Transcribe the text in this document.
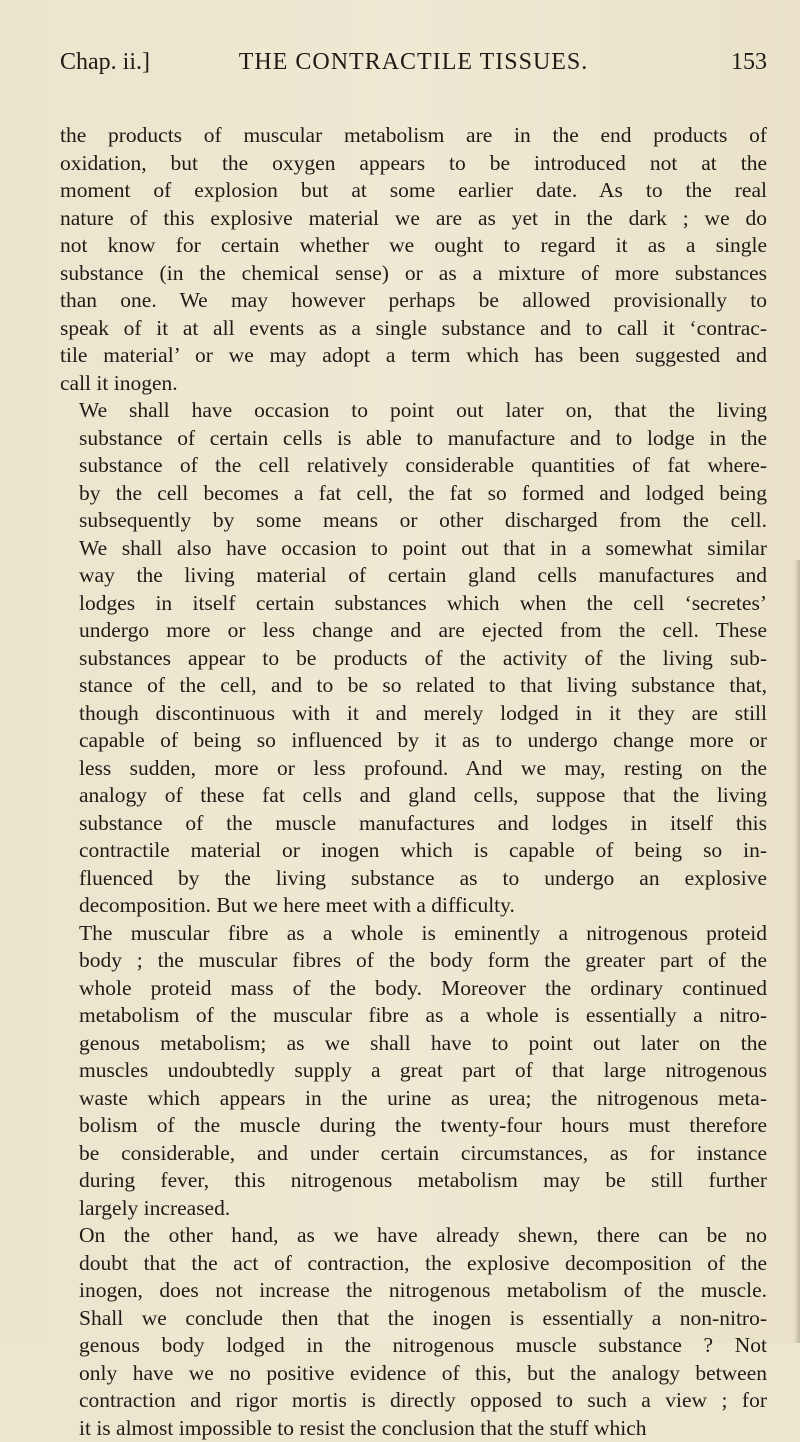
Chap. ii.]	THE CONTRACTILE TISSUES.	153
the products of muscular metabolism are in the end products of
oxidation, but the oxygen appears to be introduced not at the
moment of explosion but at some earlier date. As to the real
nature of this explosive material we are as yet in the dark ; we do
not know for certain whether we ought to regard it as a single
substance (in the chemical sense) or as a mixture of more substances
than one. We may however perhaps be allowed provisionally to
speak of it at all events as a single substance and to call it ‘contrac-
tile material’ or we may adopt a term which has been suggested and
call it inogen.
We shall have occasion to point out later on, that the living
substance of certain cells is able to manufacture and to lodge in the
substance of the cell relatively considerable quantities of fat where-
by the cell becomes a fat cell, the fat so formed and lodged being
subsequently by some means or other discharged from the cell.
We shall also have occasion to point out that in a somewhat similar
way the living material of certain gland cells manufactures and
lodges in itself certain substances which when the cell ‘secretes’
undergo more or less change and are ejected from the cell. These
substances appear to be products of the activity of the living sub-
stance of the cell, and to be so related to that living substance that,
though discontinuous with it and merely lodged in it they are still
capable of being so influenced by it as to undergo change more or
less sudden, more or less profound. And we may, resting on the
analogy of these fat cells and gland cells, suppose that the living
substance of the muscle manufactures and lodges in itself this
contractile material or inogen which is capable of being so in-
fluenced by the living substance as to undergo an explosive
decomposition. But we here meet with a difficulty.
The muscular fibre as a whole is eminently a nitrogenous proteid
body ; the muscular fibres of the body form the greater part of the
whole proteid mass of the body. Moreover the ordinary continued
metabolism of the muscular fibre as a whole is essentially a nitro-
genous metabolism; as we shall have to point out later on the
muscles undoubtedly supply a great part of that large nitrogenous
waste which appears in the urine as urea; the nitrogenous meta-
bolism of the muscle during the twenty-four hours must therefore
be considerable, and under certain circumstances, as for instance
during fever, this nitrogenous metabolism may be still further
largely increased.
On the other hand, as we have already shewn, there can be no
doubt that the act of contraction, the explosive decomposition of the
inogen, does not increase the nitrogenous metabolism of the muscle.
Shall we conclude then that the inogen is essentially a non-nitro-
genous body lodged in the nitrogenous muscle substance ? Not
only have we no positive evidence of this, but the analogy between
contraction and rigor mortis is directly opposed to such a view ; for
it is almost impossible to resist the conclusion that the stuff which
